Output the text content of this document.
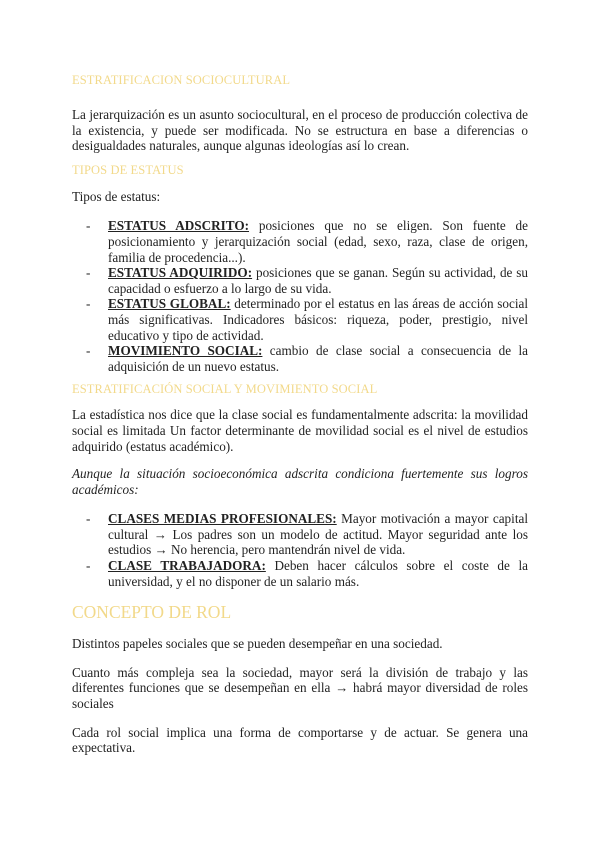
ESTRATIFICACION SOCIOCULTURAL

La jerarquización es un asunto sociocultural, en el proceso de producción colectiva de la existencia, y puede ser modificada. No se estructura en base a diferencias o desigualdades naturales, aunque algunas ideologías así lo crean.

TIPOS DE ESTATUS

Tipos de estatus:

- ESTATUS ADSCRITO: posiciones que no se eligen. Son fuente de posicionamiento y jerarquización social (edad, sexo, raza, clase de origen, familia de procedencia...).
- ESTATUS ADQUIRIDO: posiciones que se ganan. Según su actividad, de su capacidad o esfuerzo a lo largo de su vida.
- ESTATUS GLOBAL: determinado por el estatus en las áreas de acción social más significativas. Indicadores básicos: riqueza, poder, prestigio, nivel educativo y tipo de actividad.
- MOVIMIENTO SOCIAL: cambio de clase social a consecuencia de la adquisición de un nuevo estatus.
ESTRATIFICACIÓN SOCIAL Y MOVIMIENTO SOCIAL

La estadística nos dice que la clase social es fundamentalmente adscrita: la movilidad social es limitada Un factor determinante de movilidad social es el nivel de estudios adquirido (estatus académico).

Aunque la situación socioeconómica adscrita condiciona fuertemente sus logros académicos:

- CLASES MEDIAS PROFESIONALES: Mayor motivación a mayor capital cultural → Los padres son un modelo de actitud. Mayor seguridad ante los estudios → No herencia, pero mantendrán nivel de vida.
- CLASE TRABAJADORA: Deben hacer cálculos sobre el coste de la universidad, y el no disponer de un salario más.
CONCEPTO DE ROL

Distintos papeles sociales que se pueden desempeñar en una sociedad.

Cuanto más compleja sea la sociedad, mayor será la división de trabajo y las diferentes funciones que se desempeñan en ella → habrá mayor diversidad de roles sociales

Cada rol social implica una forma de comportarse y de actuar. Se genera una expectativa.
